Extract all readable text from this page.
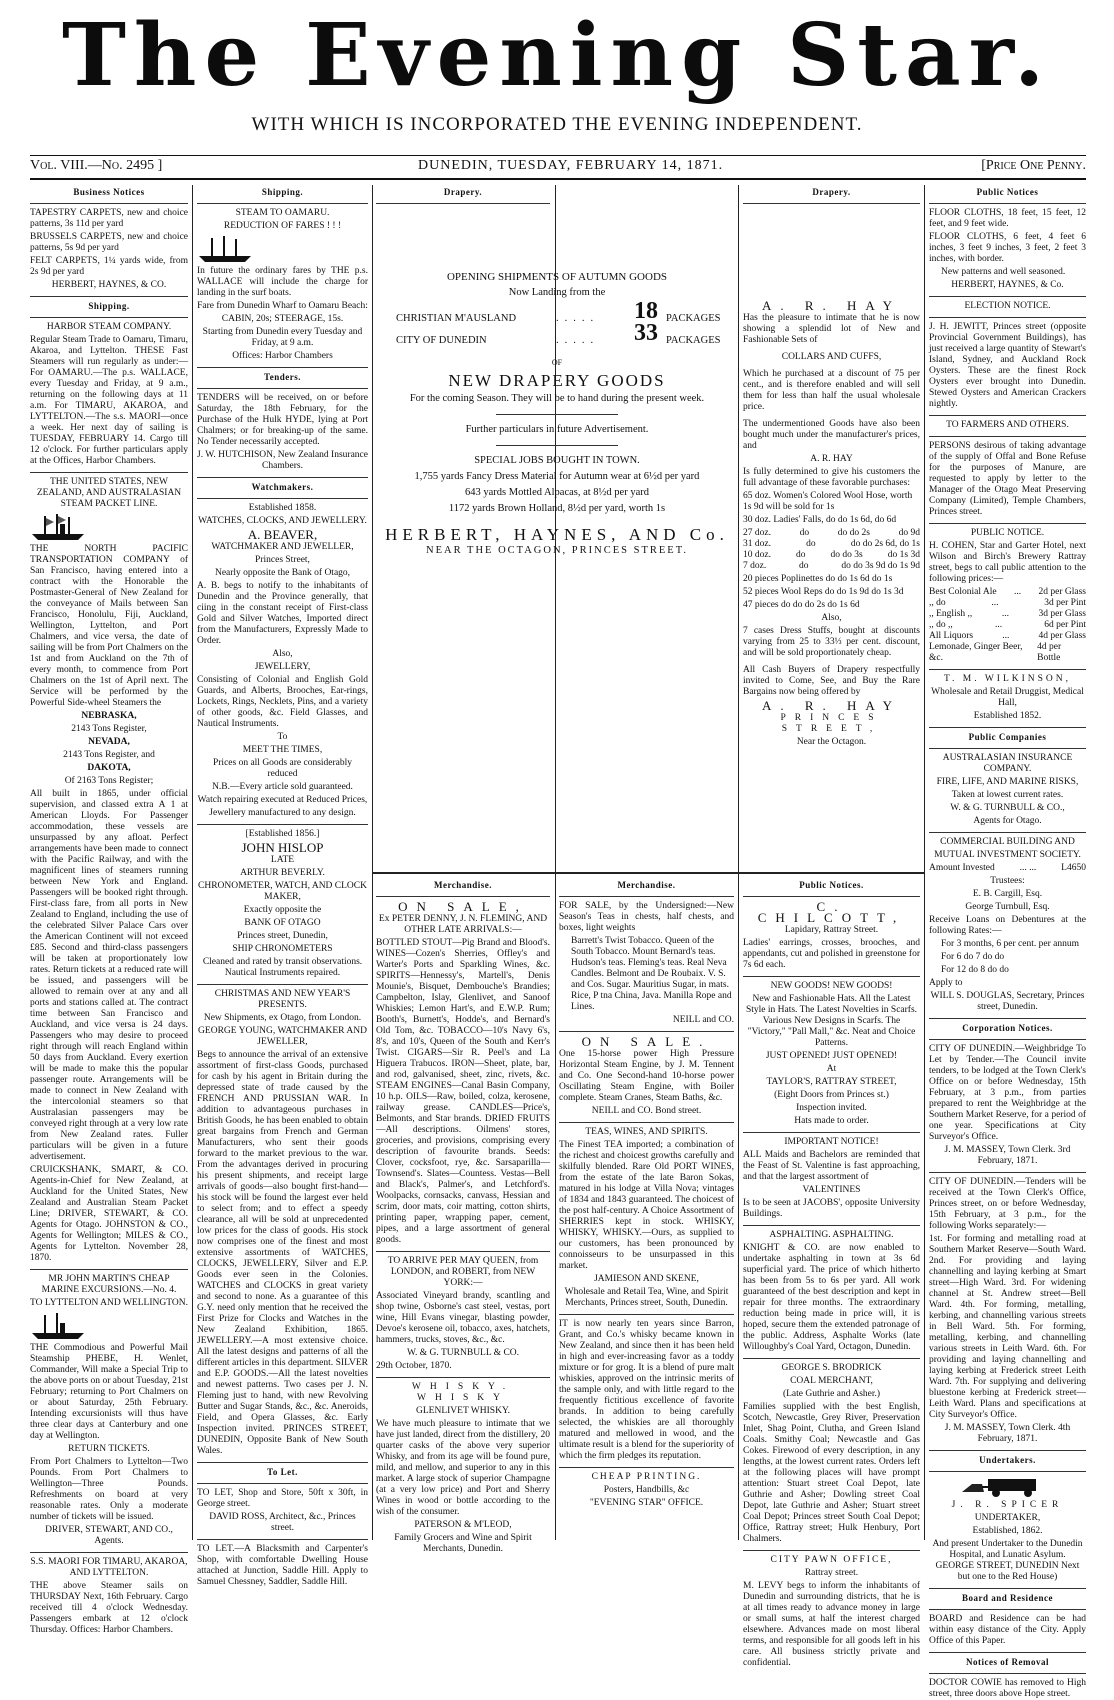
The Evening Star.
WITH WHICH IS INCORPORATED THE EVENING INDEPENDENT.
Vol. VIII.—No. 2495 ]	DUNEDIN, TUESDAY, FEBRUARY 14, 1871.	[Price One Penny.
Business Notices

TAPESTRY CARPETS, new and choice patterns, 3s 11d per yard

BRUSSELS CARPETS, new and choice patterns, 5s 9d per yard

FELT CARPETS, 1¼ yards wide, from 2s 9d per yard

HERBERT, HAYNES, & CO.

Shipping.

HARBOR STEAM COMPANY.

Regular Steam Trade to Oamaru, Timaru, Akaroa, and Lyttelton. THESE Fast Steamers will run regularly as under:— For OAMARU.—The p.s. WALLACE, every Tuesday and Friday, at 9 a.m., returning on the following days at 11 a.m. For TIMARU, AKAROA, and LYTTELTON.—The s.s. MAORI—once a week. Her next day of sailing is TUESDAY, FEBRUARY 14. Cargo till 12 o'clock. For further particulars apply at the Offices, Harbor Chambers.

THE UNITED STATES, NEW ZEALAND, AND AUSTRALASIAN STEAM PACKET LINE.

THE NORTH PACIFIC TRANSPORTATION COMPANY of San Francisco, having entered into a contract with the Honorable the Postmaster-General of New Zealand for the conveyance of Mails between San Francisco, Honolulu, Fiji, Auckland, Wellington, Lyttelton, and Port Chalmers, and vice versa, the date of sailing will be from Port Chalmers on the 1st and from Auckland on the 7th of every month, to commence from Port Chalmers on the 1st of April next. The Service will be performed by the Powerful Side-wheel Steamers the

NEBRASKA,

2143 Tons Register,

NEVADA,

2143 Tons Register, and

DAKOTA,

Of 2163 Tons Register;

All built in 1865, under official supervision, and classed extra A 1 at American Lloyds. For Passenger accommodation, these vessels are unsurpassed by any afloat. Perfect arrangements have been made to connect with the Pacific Railway, and with the magnificent lines of steamers running between New York and England. Passengers will be booked right through. First-class fare, from all ports in New Zealand to England, including the use of the celebrated Silver Palace Cars over the American Continent will not exceed £85. Second and third-class passengers will be taken at proportionately low rates. Return tickets at a reduced rate will be issued, and passengers will be allowed to remain over at any and all ports and stations called at. The contract time between San Francisco and Auckland, and vice versa is 24 days. Passengers who may desire to proceed right through will reach England within 50 days from Auckland. Every exertion will be made to make this the popular passenger route. Arrangements will be made to connect in New Zealand with the intercolonial steamers so that Australasian passengers may be conveyed right through at a very low rate from New Zealand rates. Fuller particulars will be given in a future advertisement.

CRUICKSHANK, SMART, & CO. Agents-in-Chief for New Zealand, at Auckland for the United States, New Zealand and Australian Steam Packet Line; DRIVER, STEWART, & CO. Agents for Otago. JOHNSTON & CO., Agents for Wellington; MILES & CO., Agents for Lyttelton. November 28, 1870.

MR JOHN MARTIN'S CHEAP MARINE EXCURSIONS.—No. 4.

TO LYTTELTON AND WELLINGTON.

THE Commodious and Powerful Mail Steamship PHEBE, H. Wenlet, Commander, Will make a Special Trip to the above ports on or about Tuesday, 21st February; returning to Port Chalmers on or about Saturday, 25th February. Intending excursionists will thus have three clear days at Canterbury and one day at Wellington.

RETURN TICKETS.

From Port Chalmers to Lyttelton—Two Pounds. From Port Chalmers to Wellington—Three Pounds. Refreshments on board at very reasonable rates. Only a moderate number of tickets will be issued.

DRIVER, STEWART, AND CO., Agents.

S.S. MAORI FOR TIMARU, AKAROA, AND LYTTELTON.

THE above Steamer sails on THURSDAY Next, 16th February. Cargo received till 4 o'clock Wednesday. Passengers embark at 12 o'clock Thursday. Offices: Harbor Chambers.

Shipping.

STEAM TO OAMARU.

REDUCTION OF FARES ! ! !

In future the ordinary fares by THE p.s. WALLACE will include the charge for landing in the surf boats.

Fare from Dunedin Wharf to Oamaru Beach:

CABIN, 20s; STEERAGE, 15s.

Starting from Dunedin every Tuesday and Friday, at 9 a.m.

Offices: Harbor Chambers

Tenders.

TENDERS will be received, on or before Saturday, the 18th February, for the Purchase of the Hulk HYDE, lying at Port Chalmers; or for breaking-up of the same. No Tender necessarily accepted.

J. W. HUTCHISON, New Zealand Insurance Chambers.

Watchmakers.

Established 1858.

WATCHES, CLOCKS, AND JEWELLERY.

A. BEAVER,

WATCHMAKER AND JEWELLER,

Princes Street,

Nearly opposite the Bank of Otago,

A. B. begs to notify to the inhabitants of Dunedin and the Province generally, that ciing in the constant receipt of First-class Gold and Silver Watches, Imported direct from the Manufacturers, Expressly Made to Order.

Also,

JEWELLERY,

Consisting of Colonial and English Gold Guards, and Alberts, Brooches, Ear-rings, Lockets, Rings, Necklets, Pins, and a variety of other goods, &c. Field Glasses, and Nautical Instruments.

To

MEET THE TIMES,

Prices on all Goods are considerably reduced

N.B.—Every article sold guaranteed.

Watch repairing executed at Reduced Prices,

Jewellery manufactured to any design.

[Established 1856.]

JOHN HISLOP

LATE

ARTHUR BEVERLY.

CHRONOMETER, WATCH, AND CLOCK MAKER,

Exactly opposite the

BANK OF OTAGO

Princes street, Dunedin,

SHIP CHRONOMETERS

Cleaned and rated by transit observations. Nautical Instruments repaired.

CHRISTMAS AND NEW YEAR'S PRESENTS.

New Shipments, ex Otago, from London.

GEORGE YOUNG, WATCHMAKER AND JEWELLER,

Begs to announce the arrival of an extensive assortment of first-class Goods, purchased for cash by his agent in Britain during the depressed state of trade caused by the FRENCH AND PRUSSIAN WAR. In addition to advantageous purchases in British Goods, he has been enabled to obtain great bargains from French and German Manufacturers, who sent their goods forward to the market previous to the war. From the advantages derived in procuring his present shipments, and receipt large arrivals of goods—also bought first-hand—his stock will be found the largest ever held to select from; and to effect a speedy clearance, all will be sold at unprecedented low prices for the class of goods. His stock now comprises one of the finest and most extensive assortments of WATCHES, CLOCKS, JEWELLERY, Silver and E.P. Goods ever seen in the Colonies. WATCHES and CLOCKS in great variety and second to none. As a guarantee of this G.Y. need only mention that he received the First Prize for Clocks and Watches in the New Zealand Exhibition, 1865. JEWELLERY.—A most extensive choice. All the latest designs and patterns of all the different articles in this department. SILVER and E.P. GOODS.—All the latest novelties and newest patterns. Two cases per J. N. Fleming just to hand, with new Revolving Butter and Sugar Stands, &c., &c. Aneroids, Field, and Opera Glasses, &c. Early Inspection invited. PRINCES STREET, DUNEDIN, Opposite Bank of New South Wales.

To Let.

TO LET, Shop and Store, 50ft x 30ft, in George street.

DAVID ROSS, Architect, &c., Princes street.

TO LET.—A Blacksmith and Carpenter's Shop, with comfortable Dwelling House attached at Junction, Saddle Hill. Apply to Samuel Chessney, Saddler, Saddle Hill.

Drapery.

OPENING SHIPMENTS OF AUTUMN GOODS

Now Landing from the

CHRISTIAN M'AUSLAND	..... 18 PACKAGES
CITY OF DUNEDIN	..... 33 PACKAGES

OF

NEW DRAPERY GOODS

For the coming Season. They will be to hand during the present week.

Further particulars in future Advertisement.

SPECIAL JOBS BOUGHT IN TOWN.

1,755 yards Fancy Dress Material for Autumn wear at 6½d per yard

643 yards Mottled Alpacas, at 8½d per yard

1172 yards Brown Holland, 8½d per yard, worth 1s

HERBERT, HAYNES, AND Co.

NEAR THE OCTAGON, PRINCES STREET.

Drapery.

A. R. HAY

Has the pleasure to intimate that he is now showing a splendid lot of New and Fashionable Sets of

COLLARS AND CUFFS,

Which he purchased at a discount of 75 per cent., and is therefore enabled and will sell them for less than half the usual wholesale price.

The undermentioned Goods have also been bought much under the manufacturer's prices, and

A. R. HAY

Is fully determined to give his customers the full advantage of these favorable purchases:

65 doz. Women's Colored Wool Hose, worth 1s 9d will be sold for 1s

30 doz. Ladies' Falls, do do 1s 6d, do 6d

27 doz.	do	do do 2s	do 9d
31 doz.	do	do do 2s 6d, do 1s
10 doz.	do	do do 3s	do 1s 3d
7 doz.	do	do do 3s 9d do 1s 9d

20 pieces Poplinettes do do 1s 6d do 1s

52 pieces Wool Reps do do 1s 9d do 1s 3d

47 pieces do do do 2s do 1s 6d

Also,

7 cases Dress Stuffs, bought at discounts varying from 25 to 33⅓ per cent. discount, and will be sold proportionately cheap.

All Cash Buyers of Drapery respectfully invited to Come, See, and Buy the Rare Bargains now being offered by

A. R. HAY

PRINCES STREET,

Near the Octagon.

Merchandise.

ON SALE,

Ex PETER DENNY, J. N. FLEMING, AND OTHER LATE ARRIVALS:—

BOTTLED STOUT—Pig Brand and Blood's. WINES—Cozen's Sherries, Offley's and Warter's Ports and Sparkling Wines, &c. SPIRITS—Hennessy's, Martell's, Denis Mounie's, Bisquet, Dembouche's Brandies; Campbelton, Islay, Glenlivet, and Sanoof Whiskies; Lemon Hart's, and E.W.P. Rum; Booth's, Burnett's, Hodde's, and Bernard's Old Tom, &c. TOBACCO—10's Navy 6's, 8's, and 10's, Queen of the South and Kerr's Twist. CIGARS—Sir R. Peel's and La Higuera Trabucos. IRON—Sheet, plate, bar, and rod, galvanised, sheet, zinc, rivets, &c. STEAM ENGINES—Canal Basin Company, 10 h.p. OILS—Raw, boiled, colza, kerosene, railway grease. CANDLES—Price's, Belmonts, and Star brands. DRIED FRUITS—All descriptions. Oilmens' stores, groceries, and provisions, comprising every description of favourite brands. Seeds: Clover, cocksfoot, rye, &c. Sarsaparilla—Townsend's. Slates—Countess. Vestas—Bell and Black's, Palmer's, and Letchford's. Woolpacks, cornsacks, canvass, Hessian and scrim, door mats, coir matting, cotton shirts, printing paper, wrapping paper, cement, pipes, and a large assortment of general goods.

TO ARRIVE PER MAY QUEEN, from LONDON, and ROBERT, from NEW YORK:—

Associated Vineyard brandy, scantling and shop twine, Osborne's cast steel, vestas, port wine, Hill Evans vinegar, blasting powder, Devoe's kerosene oil, tobacco, axes, hatchets, hammers, trucks, stoves, &c., &c.

W. & G. TURNBULL & CO.

29th October, 1870.

WHISKY. WHISKY

GLENLIVET WHISKY.

We have much pleasure to intimate that we have just landed, direct from the distillery, 20 quarter casks of the above very superior Whisky, and from its age will be found pure, mild, and mellow, and superior to any in this market. A large stock of superior Champagne (at a very low price) and Port and Sherry Wines in wood or bottle according to the wish of the consumer.

PATERSON & M'LEOD,

Family Grocers and Wine and Spirit Merchants, Dunedin.

Merchandise.

FOR SALE, by the Undersigned:—New Season's Teas in chests, half chests, and boxes, light weights

Barrett's Twist Tobacco. Queen of the South Tobacco. Mount Bernard's teas. Hudson's teas. Fleming's teas. Real Neva Candles. Belmont and De Roubaix. V. S. and Cos. Sugar. Mauritius Sugar, in mats. Rice, P tna China, Java. Manilla Rope and Lines.

NEILL and CO.

ON SALE.

One 15-horse power High Pressure Horizontal Steam Engine, by J. M. Tennent and Co. One Second-hand 10-horse power Oscillating Steam Engine, with Boiler complete. Steam Cranes, Steam Baths, &c.

NEILL and CO. Bond street.

TEAS, WINES, AND SPIRITS.

The Finest TEA imported; a combination of the richest and choicest growths carefully and skilfully blended. Rare Old PORT WINES, from the estate of the late Baron Sokas, matured in his lodge at Villa Nova; vintages of 1834 and 1843 guaranteed. The choicest of the post half-century. A Choice Assortment of SHERRIES kept in stock. WHISKY, WHISKY, WHISKY.—Ours, as supplied to our customers, has been pronounced by connoisseurs to be unsurpassed in this market.

JAMIESON AND SKENE,

Wholesale and Retail Tea, Wine, and Spirit Merchants, Princes street, South, Dunedin.

IT is now nearly ten years since Barron, Grant, and Co.'s whisky became known in New Zealand, and since then it has been held in high and ever-increasing favor as a toddy mixture or for grog. It is a blend of pure malt whiskies, approved on the intrinsic merits of the sample only, and with little regard to the frequently fictitious excellence of favorite brands. In addition to being carefully selected, the whiskies are all thoroughly matured and mellowed in wood, and the ultimate result is a blend for the superiority of which the firm pledges its reputation.

CHEAP PRINTING.

Posters, Handbills, &c

"EVENING STAR" OFFICE.

Public Notices.

C. CHILCOTT,

Lapidary, Rattray Street.

Ladies' earrings, crosses, brooches, and appendants, cut and polished in greenstone for 7s 6d each.

NEW GOODS! NEW GOODS!

New and Fashionable Hats. All the Latest Style in Hats. The Latest Novelties in Scarfs. Various New Designs in Scarfs. The "Victory," "Pall Mall," &c. Neat and Choice Patterns.

JUST OPENED! JUST OPENED!

At

TAYLOR'S, RATTRAY STREET,

(Eight Doors from Princes st.)

Inspection invited.

Hats made to order.

IMPORTANT NOTICE!

ALL Maids and Bachelors are reminded that the Feast of St. Valentine is fast approaching, and that the largest assortment of

VALENTINES

Is to be seen at JACOBS', opposite University Buildings.

ASPHALTING. ASPHALTING.

KNIGHT & CO. are now enabled to undertake asphalting in town at 3s 6d superficial yard. The price of which hitherto has been from 5s to 6s per yard. All work guaranteed of the best description and kept in repair for three months. The extraordinary reduction being made in price will, it is hoped, secure them the extended patronage of the public. Address, Asphalte Works (late Willoughby's Coal Yard, Octagon, Dunedin.

GEORGE S. BRODRICK

COAL MERCHANT,

(Late Guthrie and Asher.)

Families supplied with the best English, Scotch, Newcastle, Grey River, Preservation Inlet, Shag Point, Clutha, and Green Island Coals. Smithy Coal; Newcastle and Gas Cokes. Firewood of every description, in any lengths, at the lowest current rates. Orders left at the following places will have prompt attention: Stuart street Coal Depot, late Guthrie and Asher; Dowling street Coal Depot, late Guthrie and Asher; Stuart street Coal Depot; Princes street South Coal Depot; Office, Rattray street; Hulk Henbury, Port Chalmers.

CITY PAWN OFFICE,

Rattray street.

M. LEVY begs to inform the inhabitants of Dunedin and surrounding districts, that he is at all times ready to advance money in large or small sums, at half the interest charged elsewhere. Advances made on most liberal terms, and responsible for all goods left in his care. All business strictly private and confidential.

Public Notices

FLOOR CLOTHS, 18 feet, 15 feet, 12 feet, and 9 feet wide.

FLOOR CLOTHS, 6 feet, 4 feet 6 inches, 3 feet 9 inches, 3 feet, 2 feet 3 inches, with border.

New patterns and well seasoned.

HERBERT, HAYNES, & Co.

ELECTION NOTICE.

J. H. JEWITT, Princes street (opposite Provincial Government Buildings), has just received a large quantity of Stewart's Island, Sydney, and Auckland Rock Oysters. These are the finest Rock Oysters ever brought into Dunedin. Stewed Oysters and American Crackers nightly.

TO FARMERS AND OTHERS.

PERSONS desirous of taking advantage of the supply of Offal and Bone Refuse for the purposes of Manure, are requested to apply by letter to the Manager of the Otago Meat Preserving Company (Limited), Temple Chambers, Princes street.

PUBLIC NOTICE.

H. COHEN, Star and Garter Hotel, next Wilson and Birch's Brewery Rattray street, begs to call public attention to the following prices:—

Best Colonial Ale ... 2d per Glass
,, do	...	3d per Pint
,, English ,,	...	3d per Glass
,, do ,,	...	6d per Pint
All Liquors	...	4d per Glass
Lemonade, Ginger Beer, &c.
4d per Bottle

T. M. WILKINSON,

Wholesale and Retail Druggist, Medical Hall,

Established 1852.

Public Companies

AUSTRALASIAN INSURANCE COMPANY.

FIRE, LIFE, AND MARINE RISKS,

Taken at lowest current rates.

W. & G. TURNBULL & CO.,

Agents for Otago.

COMMERCIAL BUILDING AND

MUTUAL INVESTMENT SOCIETY.

Amount Invested	... ...	L4650

Trustees:

E. B. Cargill, Esq.

George Turnbull, Esq.

Receive Loans on Debentures at the following Rates:—

For 3 months, 6 per cent. per annum

For 6 do 7 do do

For 12 do 8 do do

Apply to

WILL S. DOUGLAS, Secretary, Princes street, Dunedin.

Corporation Notices.

CITY OF DUNEDIN.—Weighbridge To Let by Tender.—The Council invite tenders, to be lodged at the Town Clerk's Office on or before Wednesday, 15th February, at 3 p.m., from parties prepared to rent the Weighbridge at the Southern Market Reserve, for a period of one year. Specifications at City Surveyor's Office.

J. M. MASSEY, Town Clerk. 3rd February, 1871.

CITY OF DUNEDIN.—Tenders will be received at the Town Clerk's Office, Princes street, on or before Wednesday, 15th February, at 3 p.m., for the following Works separately:—

1st. For forming and metalling road at Southern Market Reserve—South Ward. 2nd. For providing and laying channelling and laying kerbing at Smart street—High Ward. 3rd. For widening channel at St. Andrew street—Bell Ward. 4th. For forming, metalling, kerbing, and channelling various streets in Bell Ward. 5th. For forming, metalling, kerbing, and channelling various streets in Leith Ward. 6th. For providing and laying channelling and laying kerbing at Frederick street Leith Ward. 7th. For supplying and delivering bluestone kerbing at Frederick street—Leith Ward. Plans and specifications at City Surveyor's Office.

J. M. MASSEY, Town Clerk. 4th February, 1871.

Undertakers.

J. R. SPICER

UNDERTAKER,

Established, 1862.

And present Undertaker to the Dunedin Hospital, and Lunatic Asylum. GEORGE STREET, DUNEDIN Next but one to the Red House)

Board and Residence

BOARD and Residence can be had within easy distance of the City. Apply Office of this Paper.

Notices of Removal

DOCTOR COWIE has removed to High street, three doors above Hope street.
